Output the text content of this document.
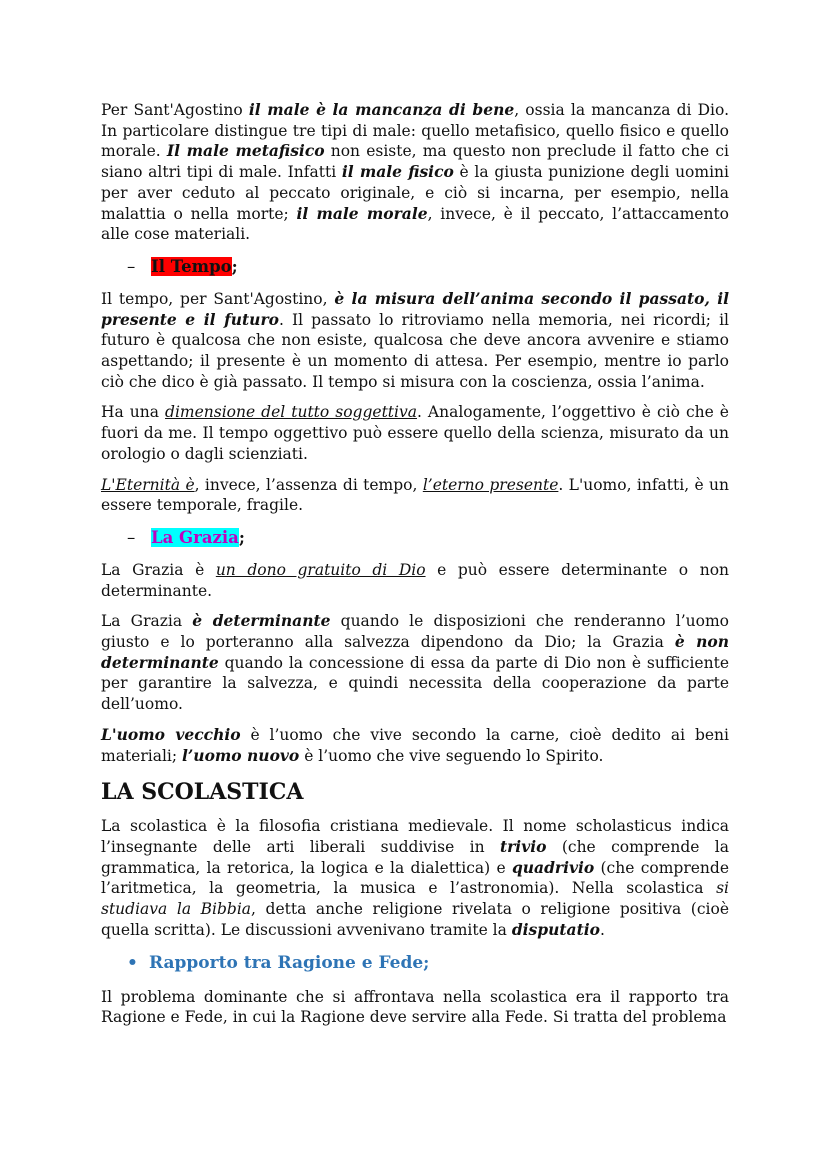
Per Sant'Agostino il male è la mancanza di bene, ossia la mancanza di Dio. In particolare distingue tre tipi di male: quello metafisico, quello fisico e quello morale. Il male metafisico non esiste, ma questo non preclude il fatto che ci siano altri tipi di male. Infatti il male fisico è la giusta punizione degli uomini per aver ceduto al peccato originale, e ciò si incarna, per esempio, nella malattia o nella morte; il male morale, invece, è il peccato, l’attaccamento alle cose materiali.

– Il Tempo;

Il tempo, per Sant'Agostino, è la misura dell’anima secondo il passato, il presente e il futuro. Il passato lo ritroviamo nella memoria, nei ricordi; il futuro è qualcosa che non esiste, qualcosa che deve ancora avvenire e stiamo aspettando; il presente è un momento di attesa. Per esempio, mentre io parlo ciò che dico è già passato. Il tempo si misura con la coscienza, ossia l’anima.

Ha una dimensione del tutto soggettiva. Analogamente, l’oggettivo è ciò che è fuori da me. Il tempo oggettivo può essere quello della scienza, misurato da un orologio o dagli scienziati.

L'Eternità è, invece, l’assenza di tempo, l’eterno presente. L'uomo, infatti, è un essere temporale, fragile.

– La Grazia;

La Grazia è un dono gratuito di Dio e può essere determinante o non determinante.

La Grazia è determinante quando le disposizioni che renderanno l’uomo giusto e lo porteranno alla salvezza dipendono da Dio; la Grazia è non determinante quando la concessione di essa da parte di Dio non è sufficiente per garantire la salvezza, e quindi necessita della cooperazione da parte dell’uomo.

L'uomo vecchio è l’uomo che vive secondo la carne, cioè dedito ai beni materiali; l’uomo nuovo è l’uomo che vive seguendo lo Spirito.

LA SCOLASTICA

La scolastica è la filosofia cristiana medievale. Il nome scholasticus indica l’insegnante delle arti liberali suddivise in trivio (che comprende la grammatica, la retorica, la logica e la dialettica) e quadrivio (che comprende l’aritmetica, la geometria, la musica e l’astronomia). Nella scolastica si studiava la Bibbia, detta anche religione rivelata o religione positiva (cioè quella scritta). Le discussioni avvenivano tramite la disputatio.

• Rapporto tra Ragione e Fede;

Il problema dominante che si affrontava nella scolastica era il rapporto tra Ragione e Fede, in cui la Ragione deve servire alla Fede. Si tratta del problema
